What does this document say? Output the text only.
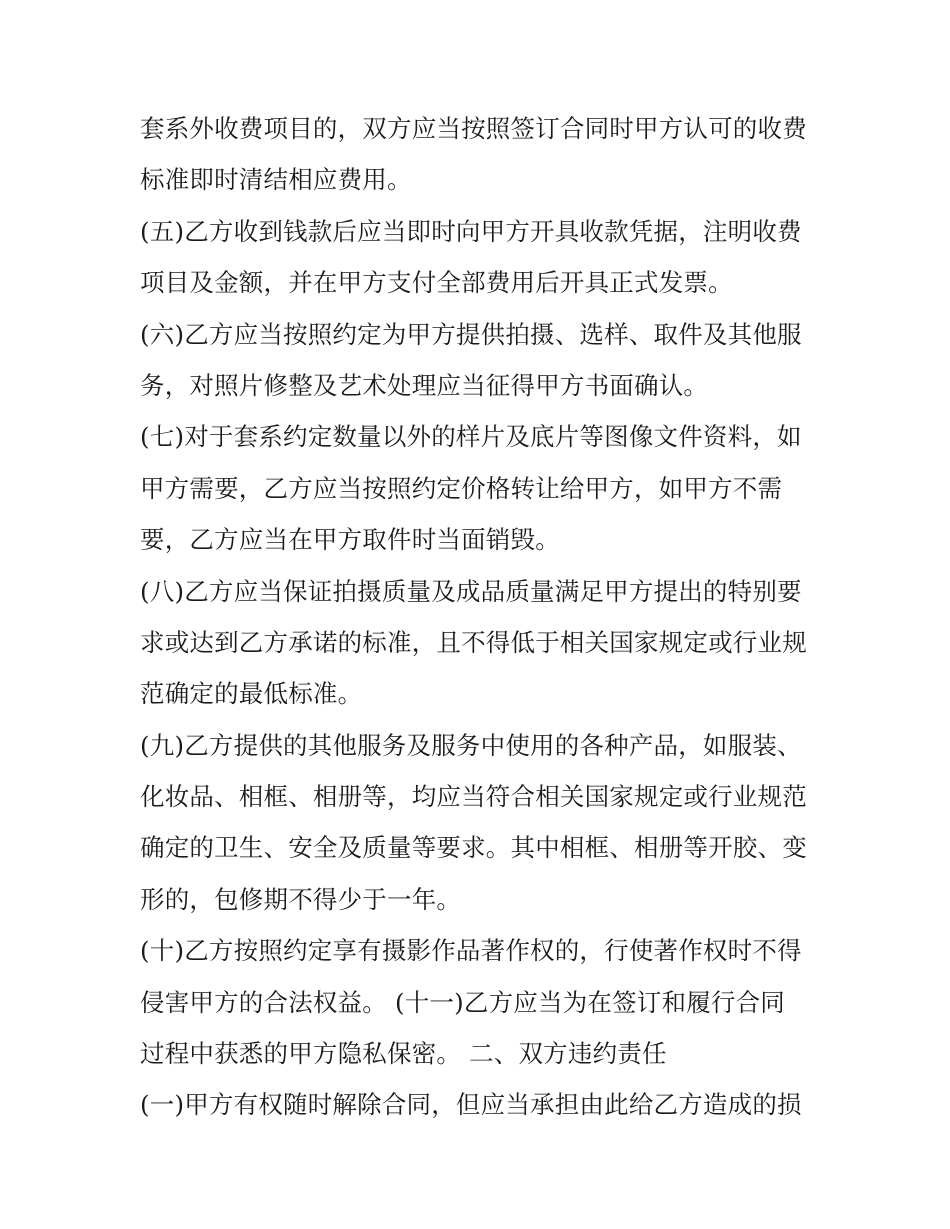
套系外收费项目的，双方应当按照签订合同时甲方认可的收费
标准即时清结相应费用。
(五)乙方收到钱款后应当即时向甲方开具收款凭据，注明收费
项目及金额，并在甲方支付全部费用后开具正式发票。
(六)乙方应当按照约定为甲方提供拍摄、选样、取件及其他服
务，对照片修整及艺术处理应当征得甲方书面确认。
(七)对于套系约定数量以外的样片及底片等图像文件资料，如
甲方需要，乙方应当按照约定价格转让给甲方，如甲方不需
要，乙方应当在甲方取件时当面销毁。
(八)乙方应当保证拍摄质量及成品质量满足甲方提出的特别要
求或达到乙方承诺的标准，且不得低于相关国家规定或行业规
范确定的最低标准。
(九)乙方提供的其他服务及服务中使用的各种产品，如服装、
化妆品、相框、相册等，均应当符合相关国家规定或行业规范
确定的卫生、安全及质量等要求。其中相框、相册等开胶、变
形的，包修期不得少于一年。
(十)乙方按照约定享有摄影作品著作权的，行使著作权时不得
侵害甲方的合法权益。 (十一)乙方应当为在签订和履行合同
过程中获悉的甲方隐私保密。 二、双方违约责任
(一)甲方有权随时解除合同，但应当承担由此给乙方造成的损
